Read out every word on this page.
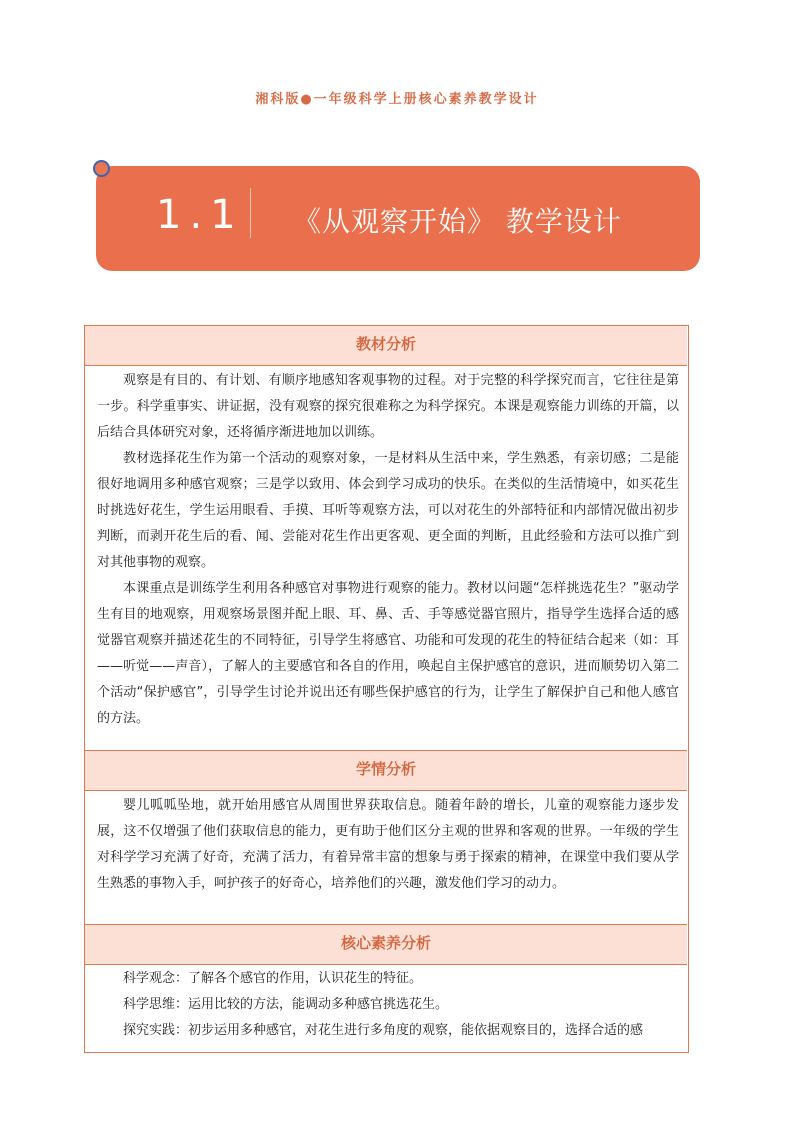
湘科版●一年级科学上册核心素养教学设计
1.1 《从观察开始》 教学设计
教材分析

观察是有目的、有计划、有顺序地感知客观事物的过程。对于完整的科学探究而言，它往往是第一步。科学重事实、讲证据，没有观察的探究很难称之为科学探究。本课是观察能力训练的开篇，以后结合具体研究对象，还将循序渐进地加以训练。

教材选择花生作为第一个活动的观察对象，一是材料从生活中来，学生熟悉，有亲切感；二是能很好地调用多种感官观察；三是学以致用、体会到学习成功的快乐。在类似的生活情境中，如买花生时挑选好花生，学生运用眼看、手摸、耳听等观察方法，可以对花生的外部特征和内部情况做出初步判断，而剥开花生后的看、闻、尝能对花生作出更客观、更全面的判断，且此经验和方法可以推广到对其他事物的观察。

本课重点是训练学生利用各种感官对事物进行观察的能力。教材以问题“怎样挑选花生？”驱动学生有目的地观察，用观察场景图并配上眼、耳、鼻、舌、手等感觉器官照片，指导学生选择合适的感觉器官观察并描述花生的不同特征，引导学生将感官、功能和可发现的花生的特征结合起来（如：耳——听觉——声音），了解人的主要感官和各自的作用，唤起自主保护感官的意识，进而顺势切入第二个活动“保护感官”，引导学生讨论并说出还有哪些保护感官的行为，让学生了解保护自己和他人感官的方法。

学情分析

婴儿呱呱坠地，就开始用感官从周围世界获取信息。随着年龄的增长，儿童的观察能力逐步发展，这不仅增强了他们获取信息的能力，更有助于他们区分主观的世界和客观的世界。一年级的学生对科学学习充满了好奇，充满了活力，有着异常丰富的想象与勇于探索的精神，在课堂中我们要从学生熟悉的事物入手，呵护孩子的好奇心，培养他们的兴趣，激发他们学习的动力。

核心素养分析

科学观念：了解各个感官的作用，认识花生的特征。

科学思维：运用比较的方法，能调动多种感官挑选花生。

探究实践：初步运用多种感官，对花生进行多角度的观察，能依据观察目的，选择合适的感
